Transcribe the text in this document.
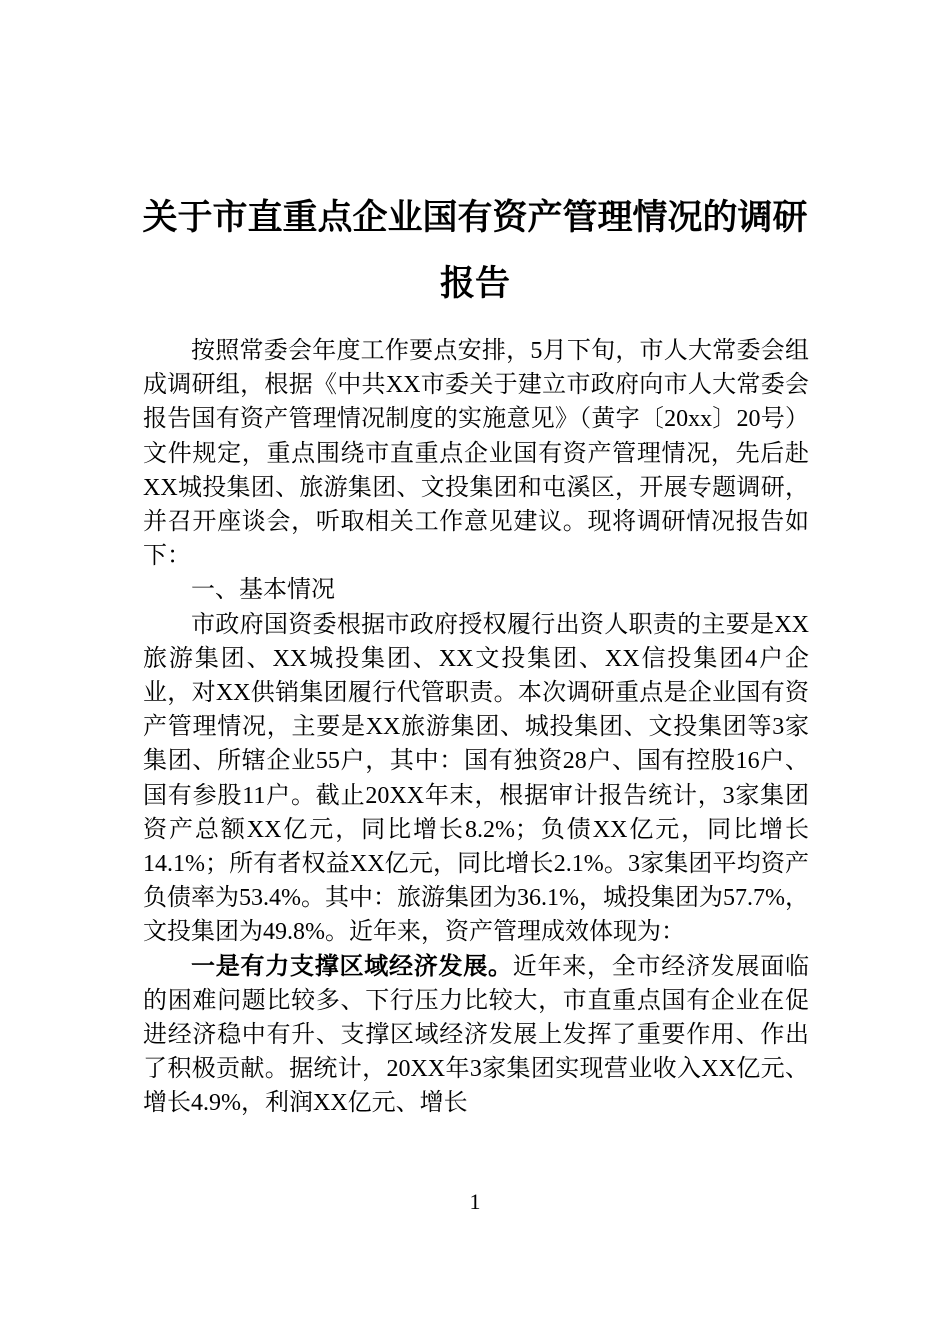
关于市直重点企业国有资产管理情况的调研报告

按照常委会年度工作要点安排，5月下旬，市人大常委会组成调研组，根据《中共XX市委关于建立市政府向市人大常委会报告国有资产管理情况制度的实施意见》（黄字〔20xx〕20号）文件规定，重点围绕市直重点企业国有资产管理情况，先后赴XX城投集团、旅游集团、文投集团和屯溪区，开展专题调研，并召开座谈会，听取相关工作意见建议。现将调研情况报告如下：

一、基本情况

市政府国资委根据市政府授权履行出资人职责的主要是XX旅游集团、XX城投集团、XX文投集团、XX信投集团4户企业，对XX供销集团履行代管职责。本次调研重点是企业国有资产管理情况，主要是XX旅游集团、城投集团、文投集团等3家集团、所辖企业55户，其中：国有独资28户、国有控股16户、国有参股11户。截止20XX年末，根据审计报告统计，3家集团资产总额XX亿元，同比增长8.2%；负债XX亿元，同比增长14.1%；所有者权益XX亿元，同比增长2.1%。3家集团平均资产负债率为53.4%。其中：旅游集团为36.1%，城投集团为57.7%，文投集团为49.8%。近年来，资产管理成效体现为：

一是有力支撑区域经济发展。近年来，全市经济发展面临的困难问题比较多、下行压力比较大，市直重点国有企业在促进经济稳中有升、支撑区域经济发展上发挥了重要作用、作出了积极贡献。据统计，20XX年3家集团实现营业收入XX亿元、增长4.9%，利润XX亿元、增长

1
